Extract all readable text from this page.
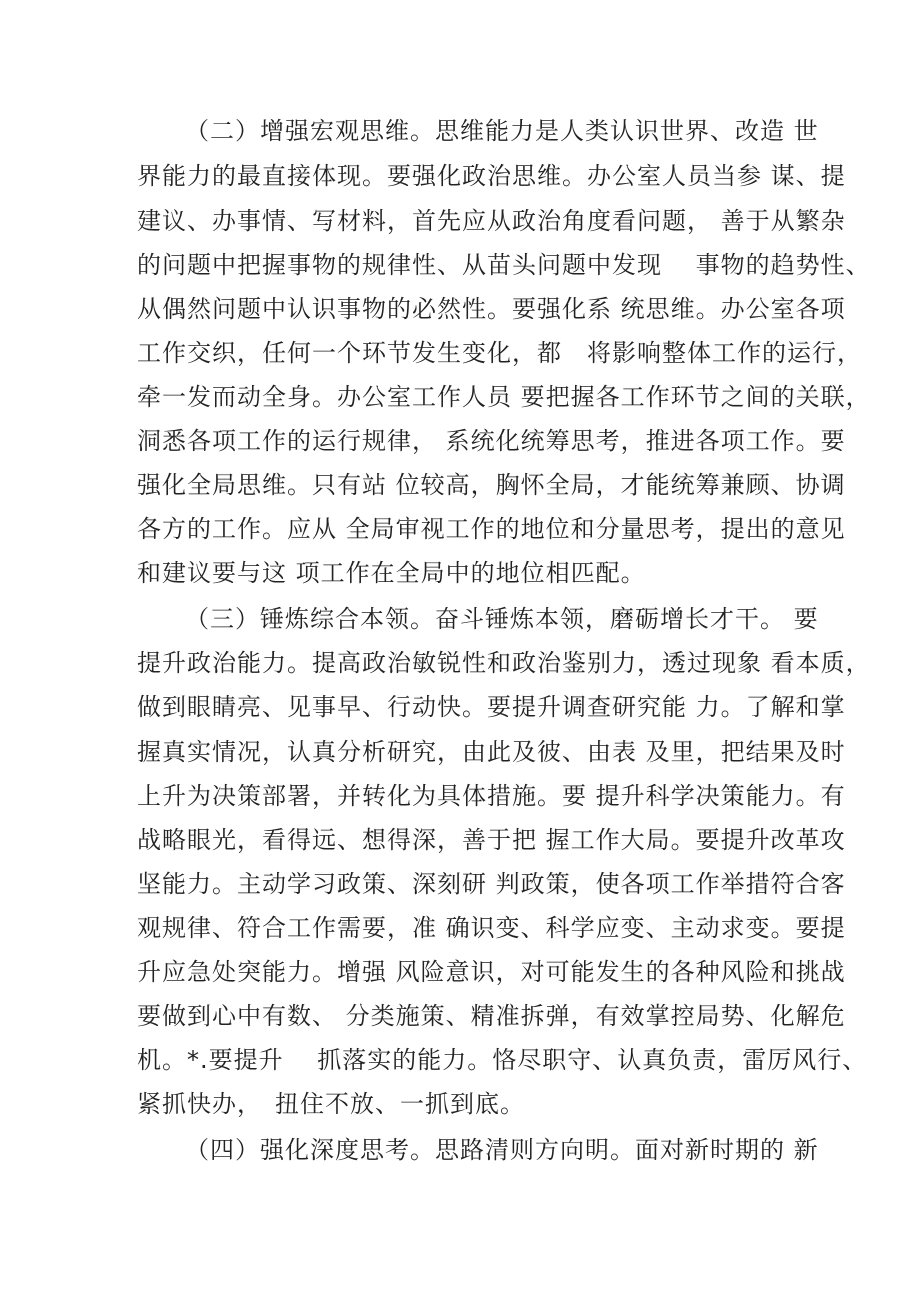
（二）增强宏观思维。思维能力是人类认识世界、改造 世

界能力的最直接体现。要强化政治思维。办公室人员当参 谋、提

建议、办事情、写材料，首先应从政治角度看问题， 善于从繁杂

的问题中把握事物的规律性、从苗头问题中发现　 事物的趋势性、

从偶然问题中认识事物的必然性。要强化系 统思维。办公室各项

工作交织，任何一个环节发生变化，都　将影响整体工作的运行，

牵一发而动全身。办公室工作人员 要把握各工作环节之间的关联，

洞悉各项工作的运行规律， 系统化统筹思考，推进各项工作。要

强化全局思维。只有站 位较高，胸怀全局，才能统筹兼顾、协调

各方的工作。应从 全局审视工作的地位和分量思考，提出的意见

和建议要与这 项工作在全局中的地位相匹配。

（三）锤炼综合本领。奋斗锤炼本领，磨砺增长才干。 要

提升政治能力。提高政治敏锐性和政治鉴别力，透过现象 看本质，

做到眼睛亮、见事早、行动快。要提升调查研究能 力。了解和掌

握真实情况，认真分析研究，由此及彼、由表 及里，把结果及时

上升为决策部署，并转化为具体措施。要 提升科学决策能力。有

战略眼光，看得远、想得深，善于把 握工作大局。要提升改革攻

坚能力。主动学习政策、深刻研 判政策，使各项工作举措符合客

观规律、符合工作需要，准 确识变、科学应变、主动求变。要提

升应急处突能力。增强 风险意识，对可能发生的各种风险和挑战

要做到心中有数、 分类施策、精准拆弹，有效掌控局势、化解危

机。*.要提升　 抓落实的能力。恪尽职守、认真负责，雷厉风行、

紧抓快办，　扭住不放、一抓到底。

（四）强化深度思考。思路清则方向明。面对新时期的 新
